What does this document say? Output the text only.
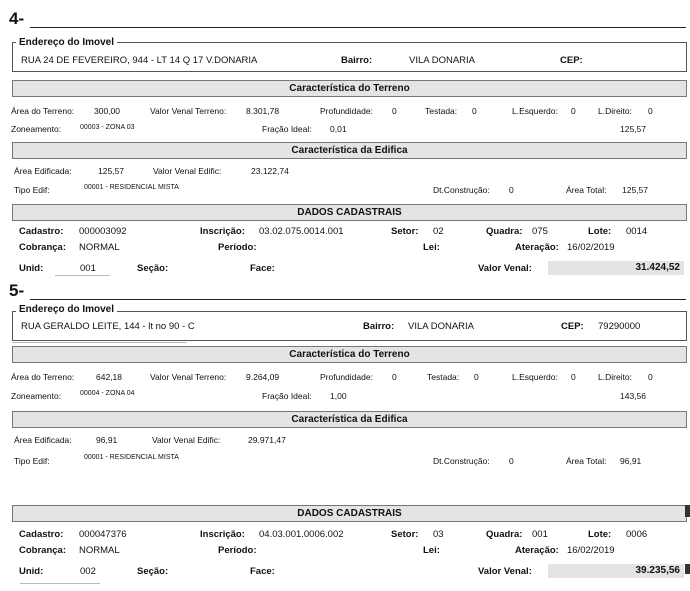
4-
Endereço do Imovel
RUA 24 DE FEVEREIRO, 944 - LT 14 Q 17 V.DONARIA	Bairro:	VILA DONARIA	CEP:
Característica do Terreno
Área do Terreno: 300,00	Valor Venal Terreno: 8.301,78	Profundidade: 0	Testada: 0	L.Esquerdo: 0	L.Direito: 0
Zoneamento:	00003 - ZONA 03	Fração Ideal: 0,01	125,57
Característica da Edifica
Área Edificada:	125,57	Valor Venal Edific:	23.122,74
Tipo Edif:	00001 - RESIDENCIAL MISTA	Dt.Construção: 0	Área Total: 125,57
DADOS CADASTRAIS
Cadastro: 000003092	Inscrição: 03.02.075.0014.001	Setor: 02	Quadra: 075	Lote: 0014
Cobrança: NORMAL	Período:	Lei:	Ateração: 16/02/2019
Unid:	001	Seção:	Face:	Valor Venal:	31.424,52
5-
Endereço do Imovel
RUA GERALDO LEITE, 144 - lt no 90 - C	Bairro: VILA DONARIA	CEP: 79290000
Característica do Terreno
Área do Terreno:	642,18	Valor Venal Terreno: 9.264,09	Profundidade: 0	Testada: 0	L.Esquerdo: 0	L.Direito: 0
Zoneamento:	00004 - ZONA 04	Fração Ideal: 1,00	143,56
Característica da Edifica
Área Edificada:	96,91	Valor Venal Edific:	29.971,47
Tipo Edif:	00001 - RESIDENCIAL MISTA	Dt.Construção: 0	Área Total: 96,91
DADOS CADASTRAIS
Cadastro: 000047376	Inscrição: 04.03.001.0006.002	Setor: 03	Quadra: 001	Lote: 0006
Cobrança: NORMAL	Período:	Lei:	Ateração: 16/02/2019
Unid:	002	Seção:	Face:	Valor Venal:	39.235,56
